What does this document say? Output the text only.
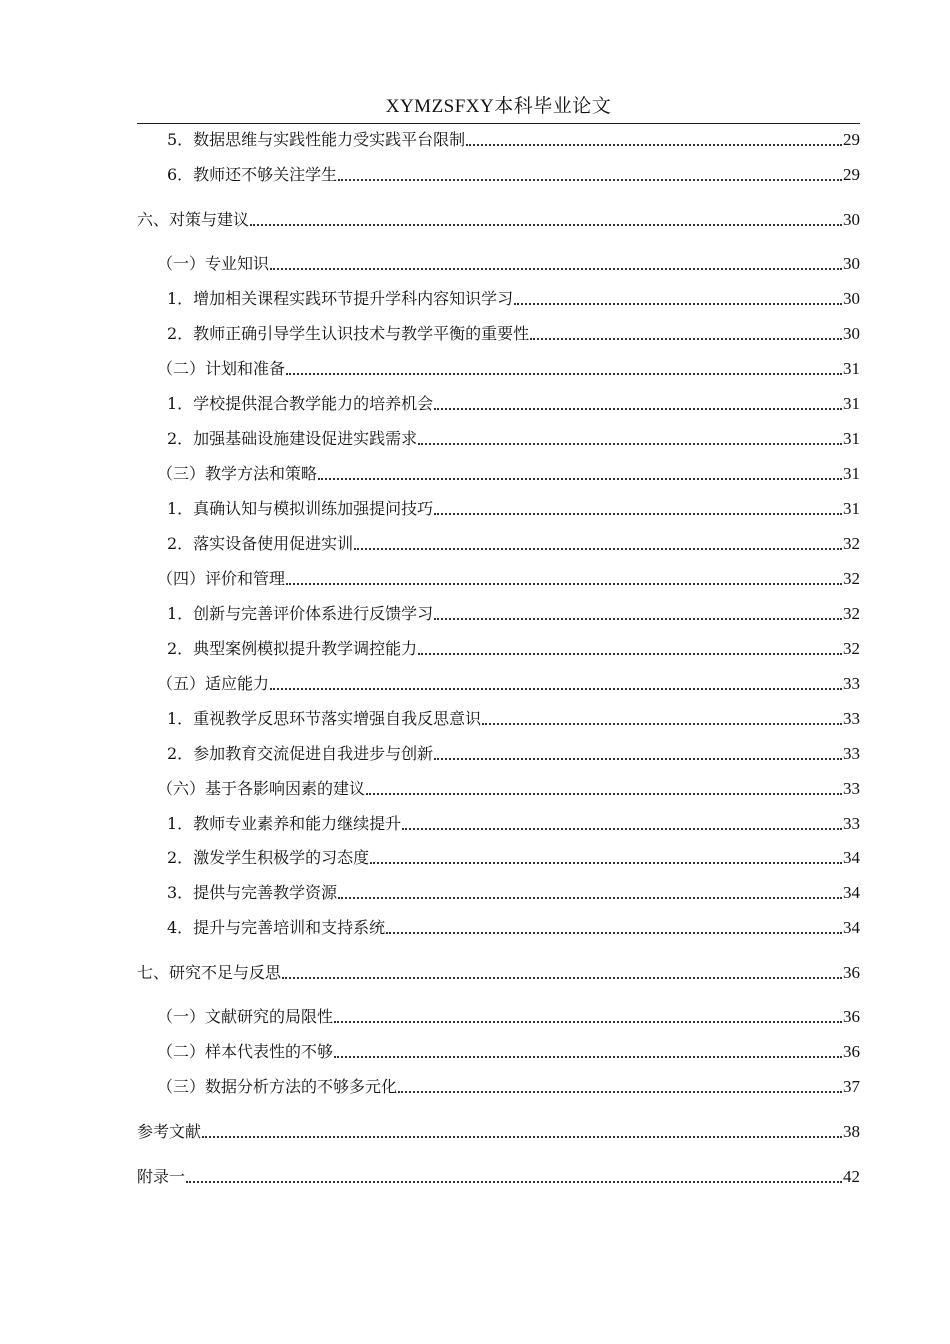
XYMZSFXY本科毕业论文
5．数据思维与实践性能力受实践平台限制	29
6．教师还不够关注学生	29
六、对策与建议	30
（一）专业知识	30
1．增加相关课程实践环节提升学科内容知识学习	30
2．教师正确引导学生认识技术与教学平衡的重要性	30
（二）计划和准备	31
1．学校提供混合教学能力的培养机会	31
2．加强基础设施建设促进实践需求	31
（三）教学方法和策略	31
1．真确认知与模拟训练加强提问技巧	31
2．落实设备使用促进实训	32
（四）评价和管理	32
1．创新与完善评价体系进行反馈学习	32
2．典型案例模拟提升教学调控能力	32
（五）适应能力	33
1．重视教学反思环节落实增强自我反思意识	33
2．参加教育交流促进自我进步与创新	33
（六）基于各影响因素的建议	33
1．教师专业素养和能力继续提升	33
2．激发学生积极学的习态度	34
3．提供与完善教学资源	34
4．提升与完善培训和支持系统	34
七、研究不足与反思	36
（一）文献研究的局限性	36
（二）样本代表性的不够	36
（三）数据分析方法的不够多元化	37
参考文献	38
附录一	42
